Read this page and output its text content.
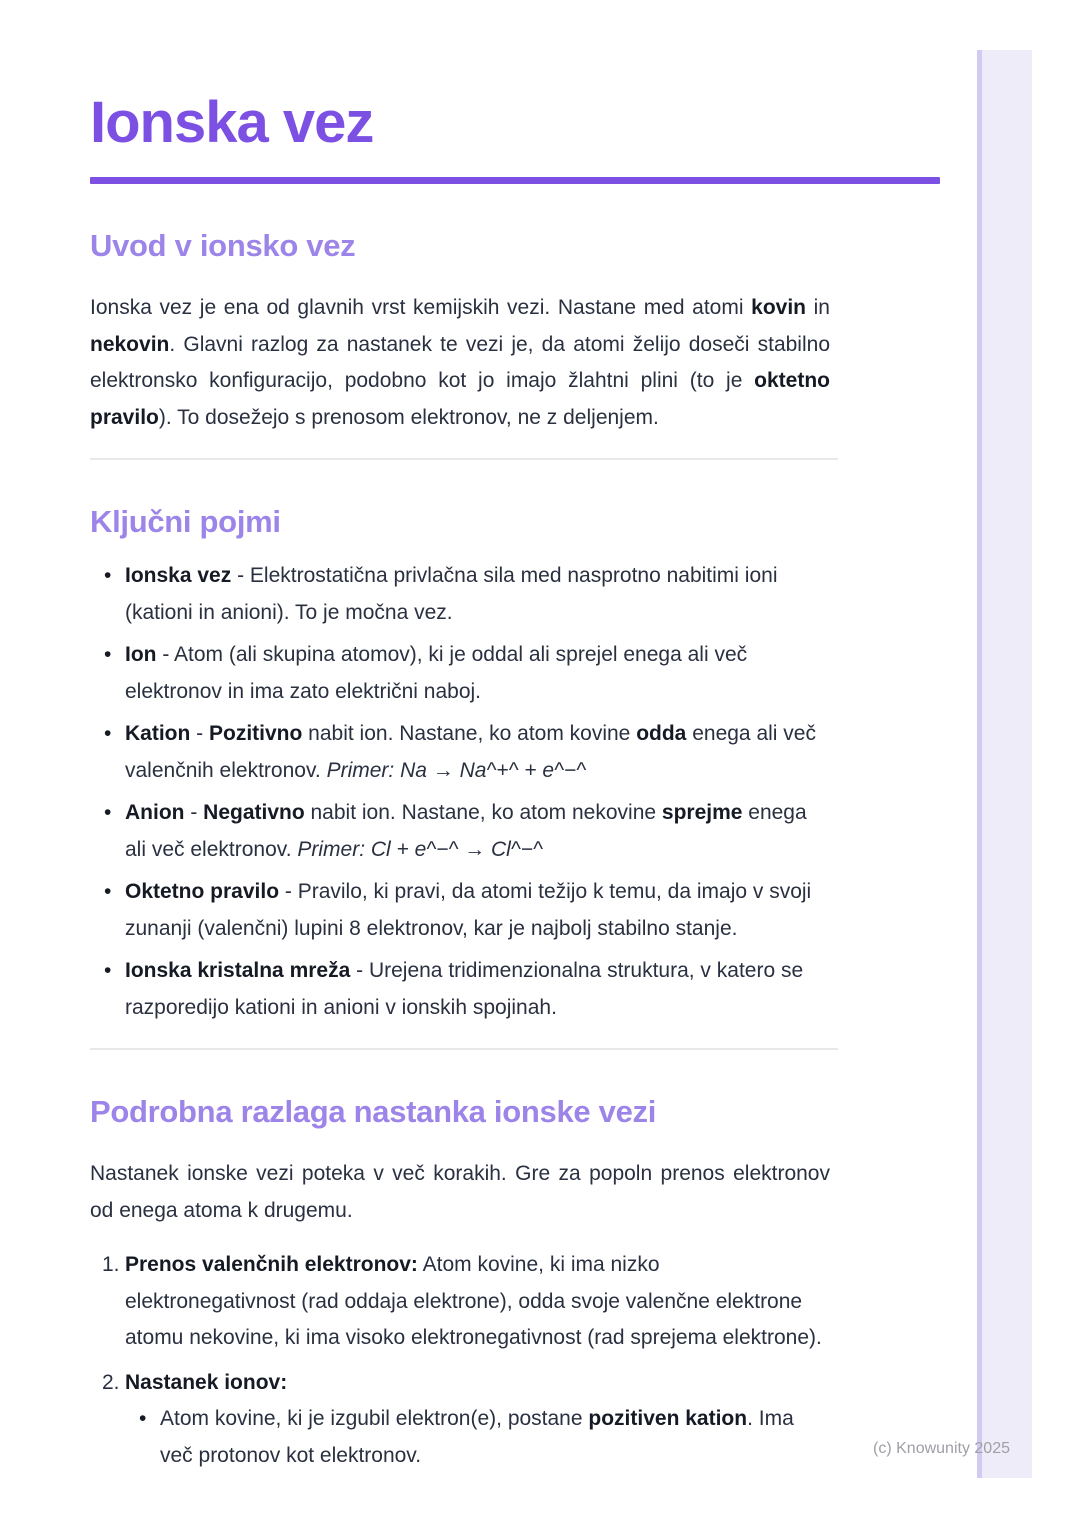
Ionska vez
Uvod v ionsko vez

Ionska vez je ena od glavnih vrst kemijskih vezi. Nastane med atomi kovin in nekovin. Glavni razlog za nastanek te vezi je, da atomi želijo doseči stabilno elektronsko konfiguracijo, podobno kot jo imajo žlahtni plini (to je oktetno pravilo). To dosežejo s prenosom elektronov, ne z deljenjem.

Ključni pojmi
• Ionska vez - Elektrostatična privlačna sila med nasprotno nabitimi ioni (kationi in anioni). To je močna vez.
• Ion - Atom (ali skupina atomov), ki je oddal ali sprejel enega ali več elektronov in ima zato električni naboj.
• Kation - Pozitivno nabit ion. Nastane, ko atom kovine odda enega ali več valenčnih elektronov. Primer: Na → Na^+^ + e^−^
• Anion - Negativno nabit ion. Nastane, ko atom nekovine sprejme enega ali več elektronov. Primer: Cl + e^−^ → Cl^−^
• Oktetno pravilo - Pravilo, ki pravi, da atomi težijo k temu, da imajo v svoji zunanji (valenčni) lupini 8 elektronov, kar je najbolj stabilno stanje.
• Ionska kristalna mreža - Urejena tridimenzionalna struktura, v katero se razporedijo kationi in anioni v ionskih spojinah.
Podrobna razlaga nastanka ionske vezi

Nastanek ionske vezi poteka v več korakih. Gre za popoln prenos elektronov od enega atoma k drugemu.

1. Prenos valenčnih elektronov: Atom kovine, ki ima nizko elektronegativnost (rad oddaja elektrone), odda svoje valenčne elektrone atomu nekovine, ki ima visoko elektronegativnost (rad sprejema elektrone).
2. Nastanek ionov:
• Atom kovine, ki je izgubil elektron(e), postane pozitiven kation. Ima več protonov kot elektronov.	(c) Knowunity 2025
